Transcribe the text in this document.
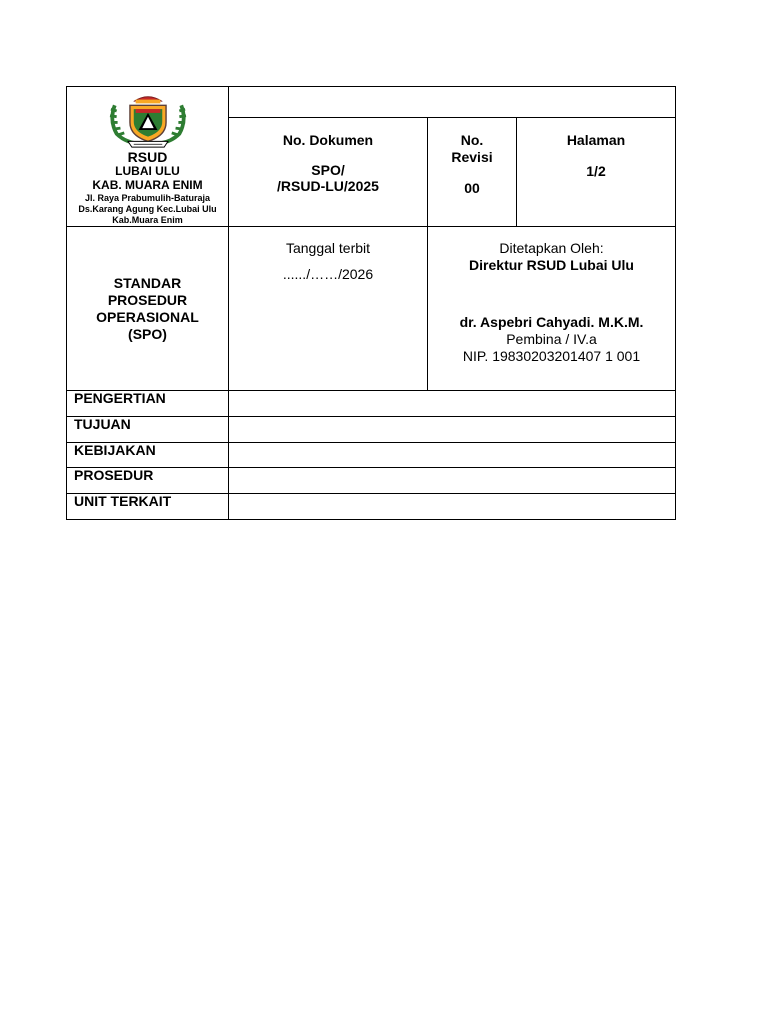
RSUD
LUBAI ULU
KAB. MUARA ENIM
Jl. Raya Prabumulih-Baturaja
Ds.Karang Agung Kec.Lubai Ulu
Kab.Muara Enim
No. Dokumen
SPO/
/RSUD-LU/2025
No.
Revisi
00
Halaman
1/2
STANDAR
PROSEDUR
OPERASIONAL
(SPO)
Tanggal terbit
....../……/2026
Ditetapkan Oleh:
Direktur RSUD Lubai Ulu
dr. Aspebri Cahyadi. M.K.M.
Pembina / IV.a
NIP. 19830203201407 1 001
PENGERTIAN
TUJUAN
KEBIJAKAN
PROSEDUR
UNIT TERKAIT
